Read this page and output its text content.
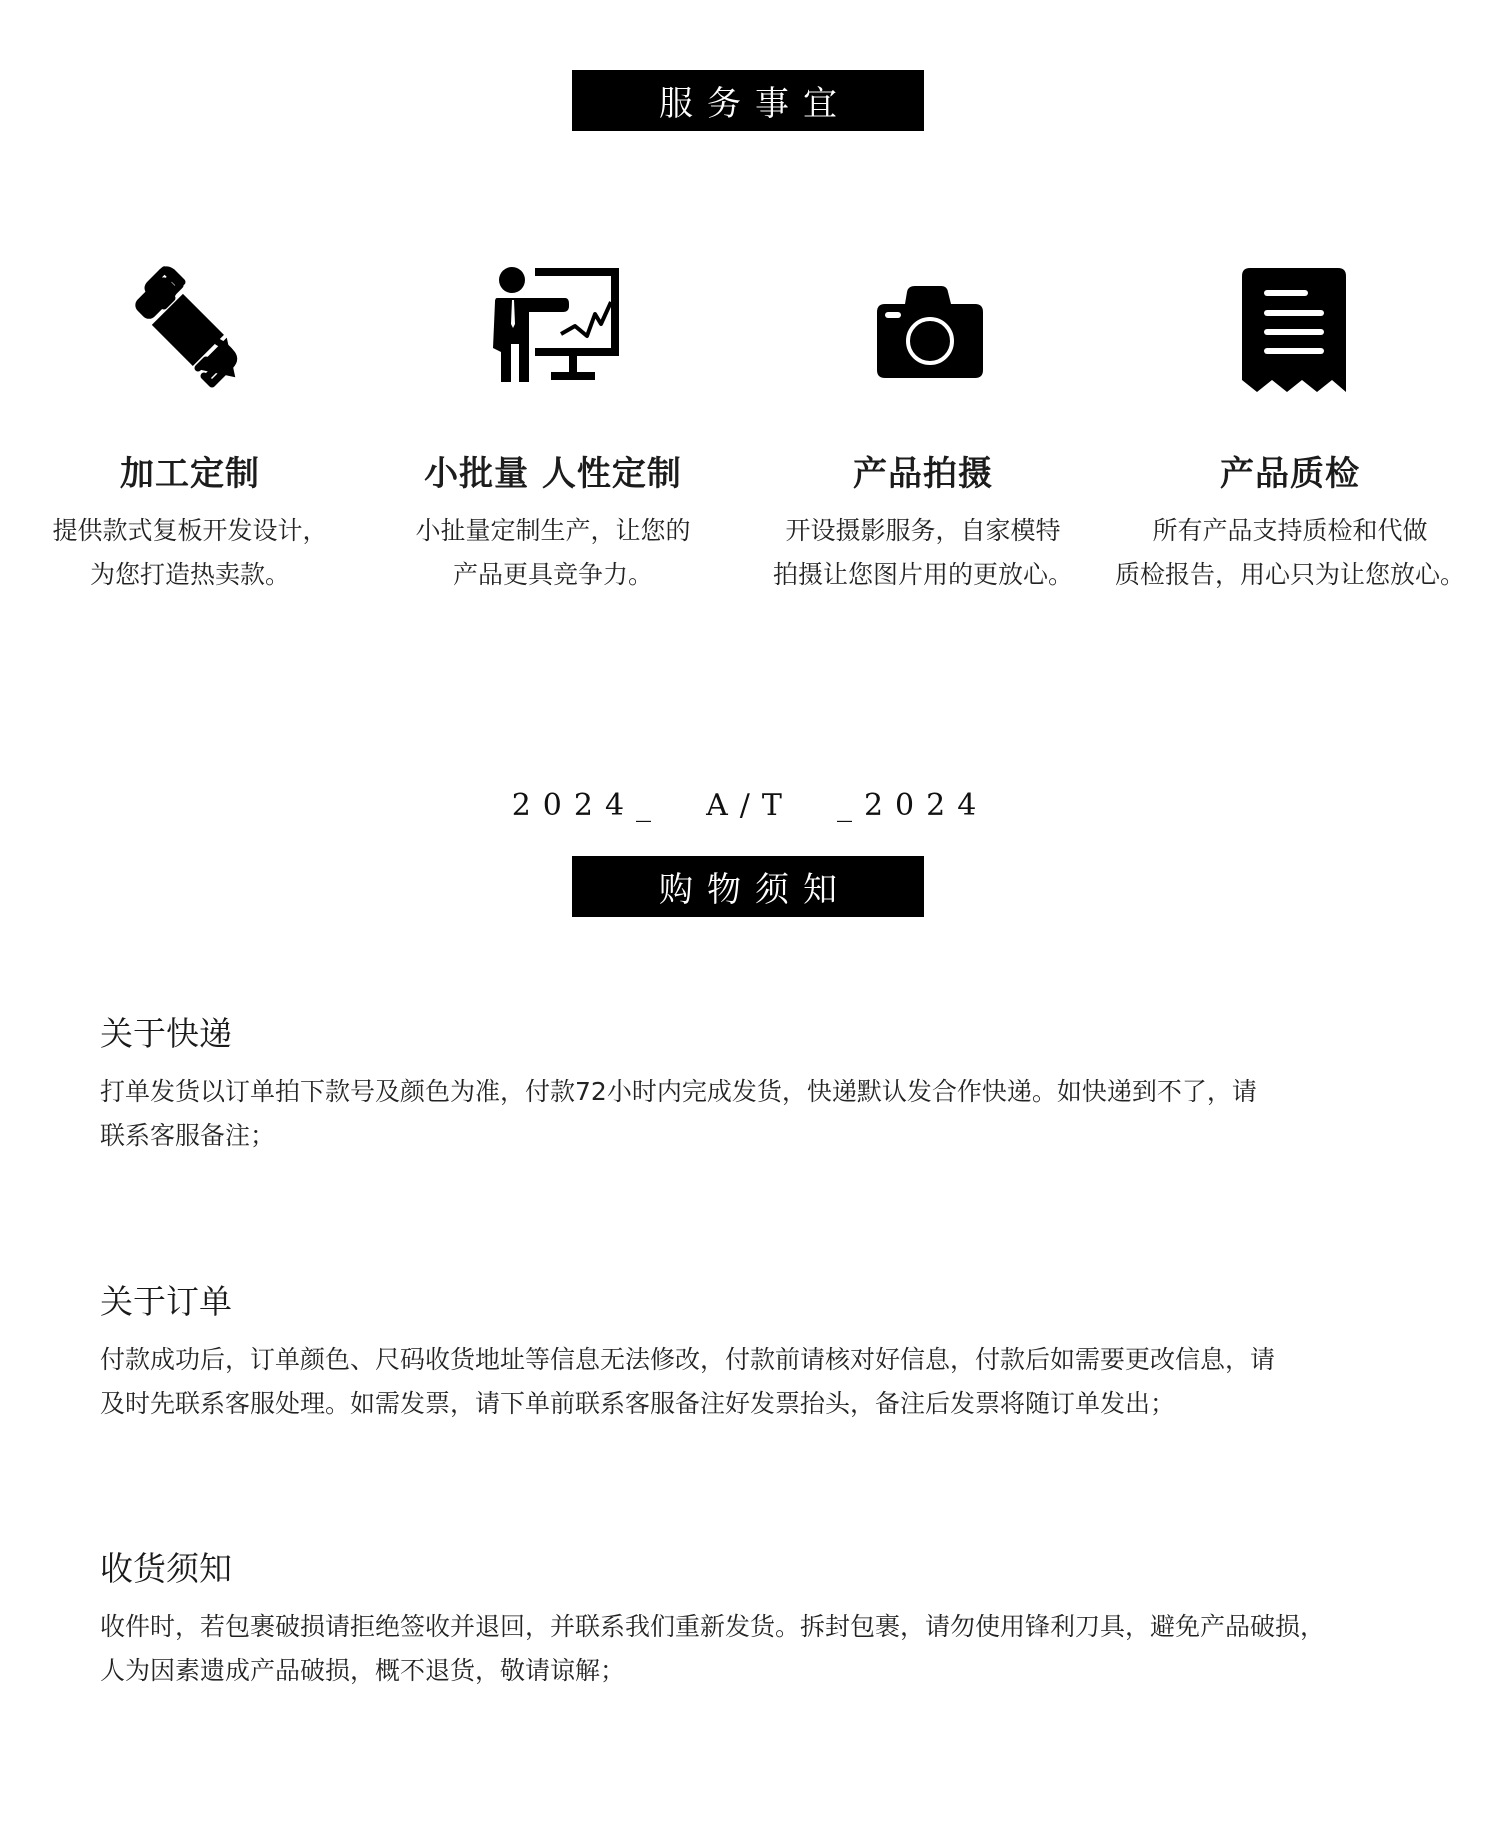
服务事宜
加工定制
提供款式复板开发设计，
为您打造热卖款。
小批量 人性定制
小扯量定制生产，让您的
产品更具竞争力。
产品拍摄
开设摄影服务，自家模特
拍摄让您图片用的更放心。
产品质检
所有产品支持质检和代做
质检报告，用心只为让您放心。
2024_  A/T  _2024
购物须知
关于快递
打单发货以订单拍下款号及颜色为准，付款72小时内完成发货，快递默认发合作快递。如快递到不了，请
联系客服备注；
关于订单
付款成功后，订单颜色、尺码收货地址等信息无法修改，付款前请核对好信息，付款后如需要更改信息，请
及时先联系客服处理。如需发票，请下单前联系客服备注好发票抬头，备注后发票将随订单发出；
收货须知
收件时，若包裹破损请拒绝签收并退回，并联系我们重新发货。拆封包裹，请勿使用锋利刀具，避免产品破损，
人为因素遗成产品破损，概不退货，敬请谅解；
